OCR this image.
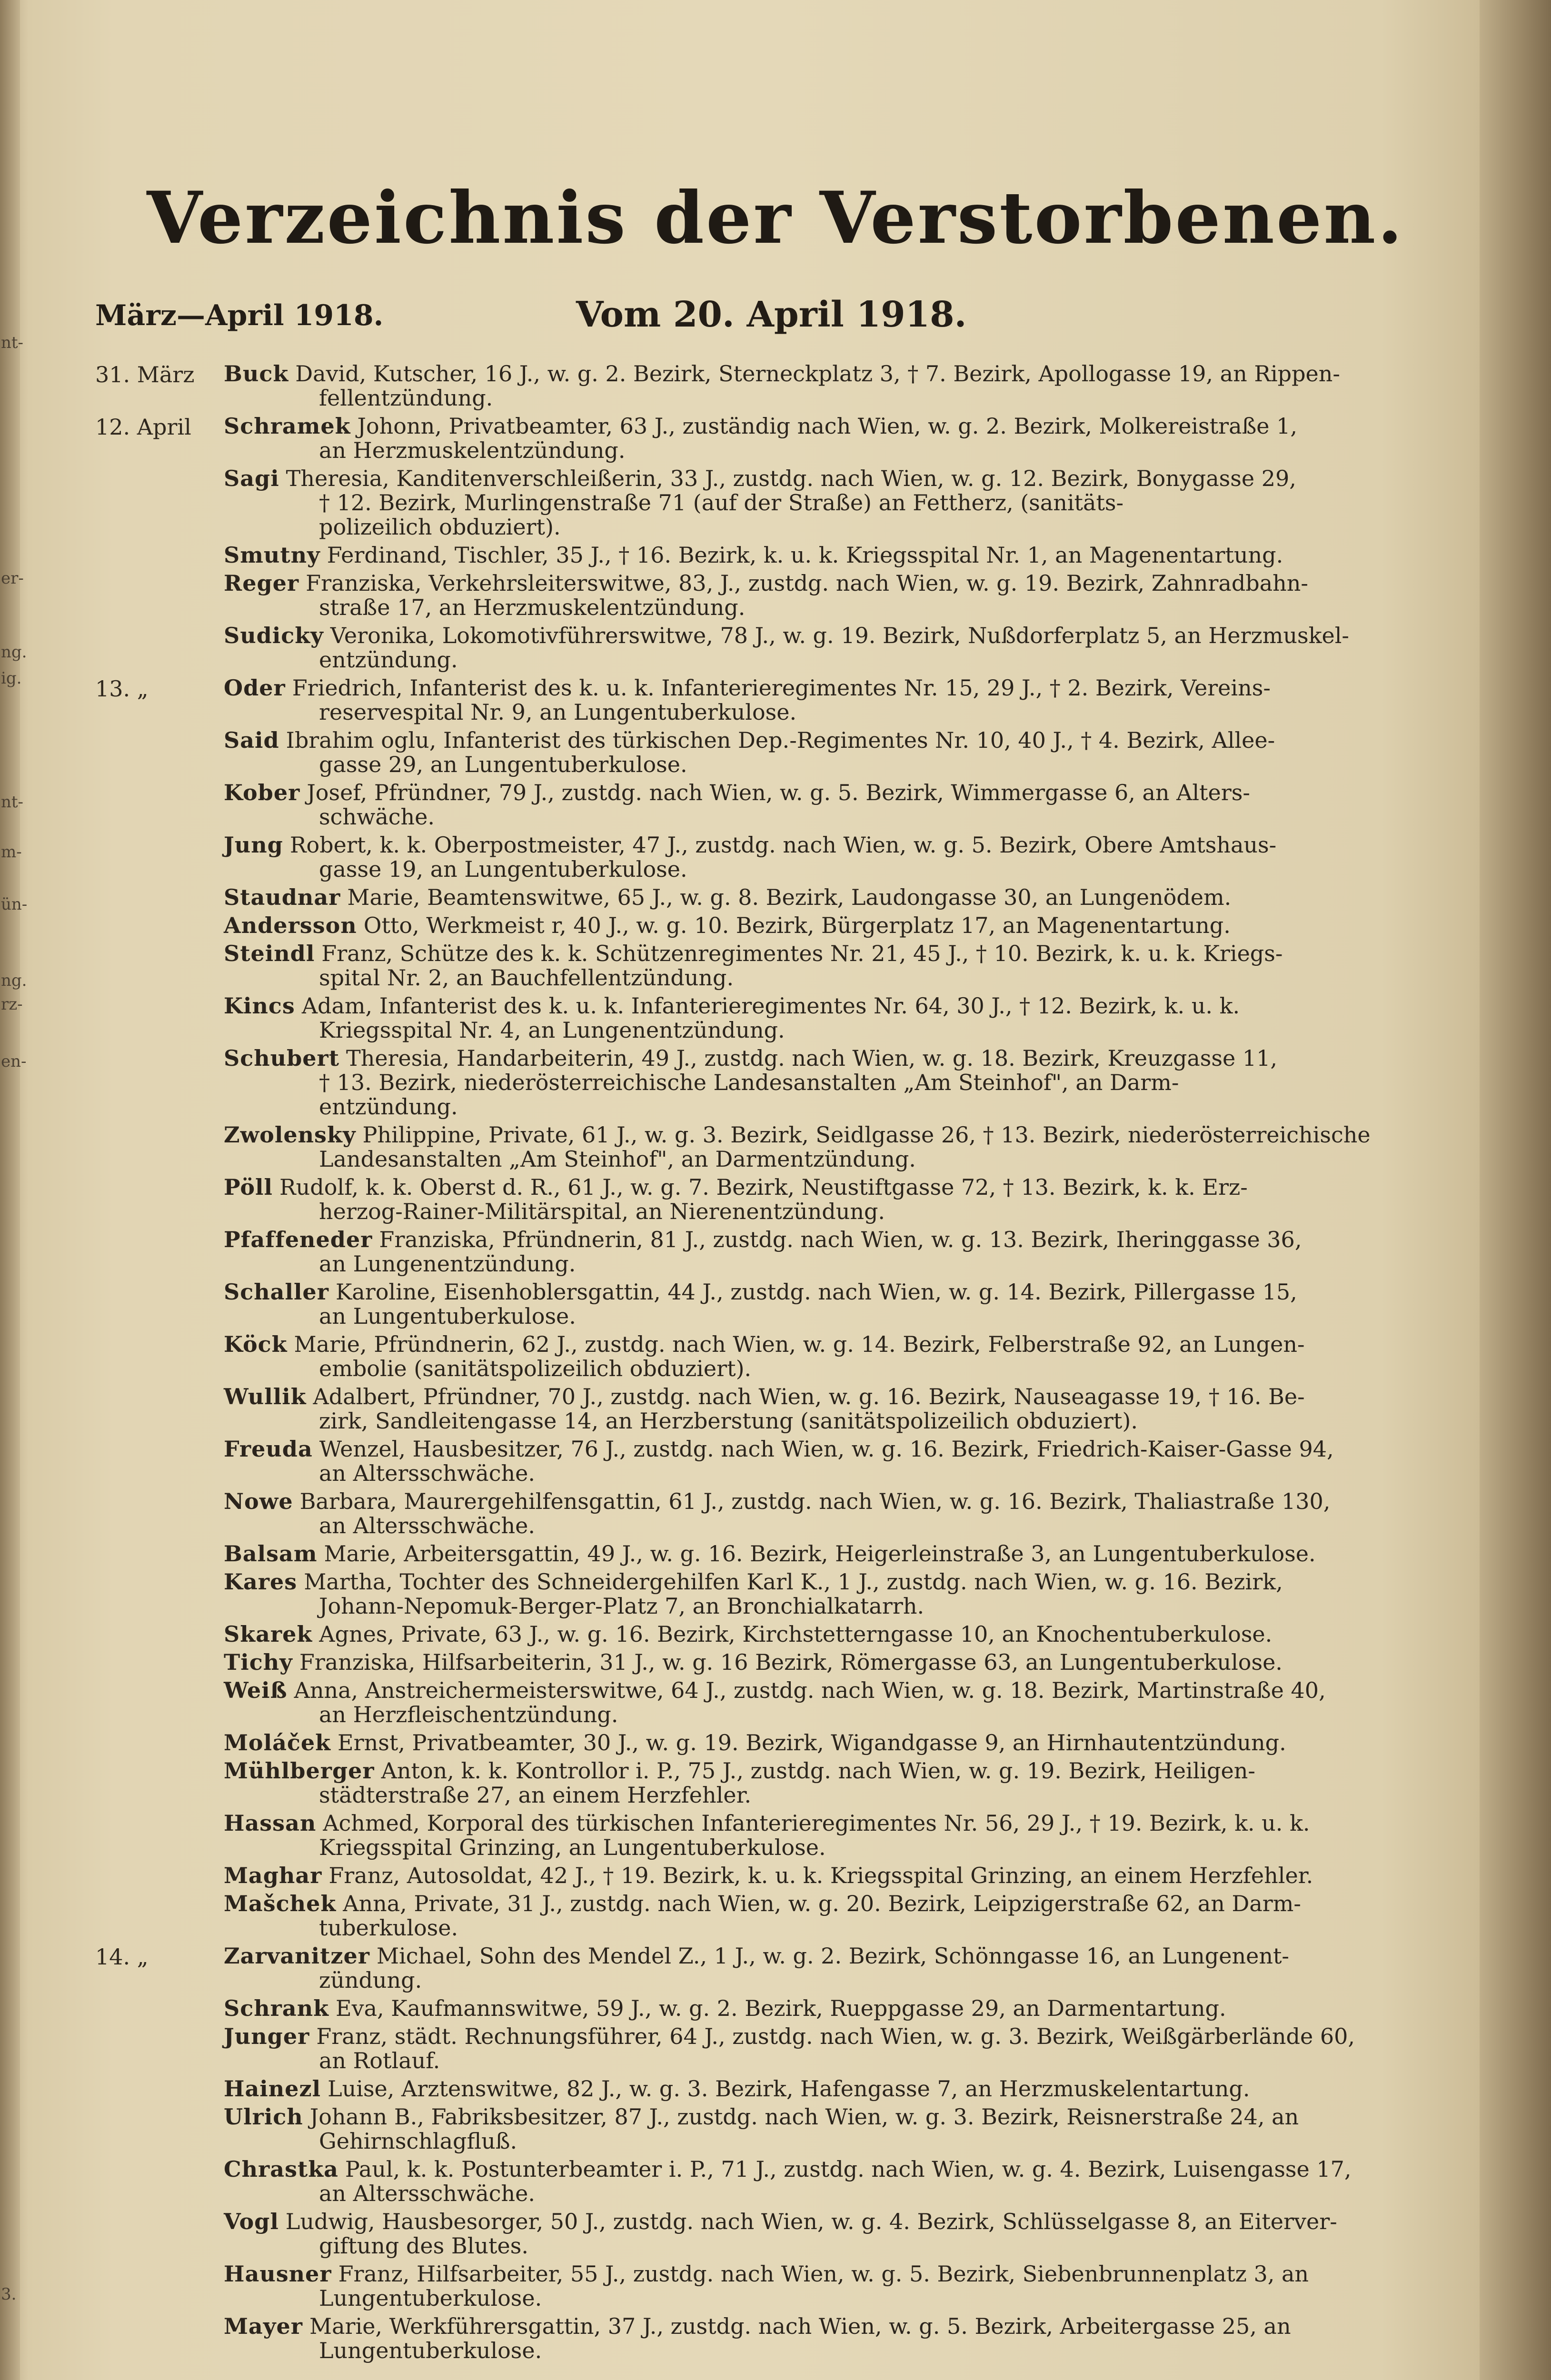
nt-
er-
ng.
ig.
nt-
m-
ün-
ng.
rz-
en-
3.
Verzeichnis der Verstorbenen.
März—April 1918.	Vom 20. April 1918.
31. März Buck David, Kutscher, 16 J., w. g. 2. Bezirk, Sterneckplatz 3, † 7. Bezirk, Apollogasse 19, an Rippen-
fellentzündung.
12. April Schramek Johonn, Privatbeamter, 63 J., zuständig nach Wien, w. g. 2. Bezirk, Molkereistraße 1,
an Herzmuskelentzündung.
Sagi Theresia, Kanditenverschleißerin, 33 J., zustdg. nach Wien, w. g. 12. Bezirk, Bonygasse 29,
† 12. Bezirk, Murlingenstraße 71 (auf der Straße) an Fettherz, (sanitäts-
polizeilich obduziert).
Smutny Ferdinand, Tischler, 35 J., † 16. Bezirk, k. u. k. Kriegsspital Nr. 1, an Magenentartung.
Reger Franziska, Verkehrsleiterswitwe, 83, J., zustdg. nach Wien, w. g. 19. Bezirk, Zahnradbahn-
straße 17, an Herzmuskelentzündung.
Sudicky Veronika, Lokomotivführerswitwe, 78 J., w. g. 19. Bezirk, Nußdorferplatz 5, an Herzmuskel-
entzündung.
13. „	Oder Friedrich, Infanterist des k. u. k. Infanterieregimentes Nr. 15, 29 J., † 2. Bezirk, Vereins-
reservespital Nr. 9, an Lungentuberkulose.
Said Ibrahim oglu, Infanterist des türkischen Dep.-Regimentes Nr. 10, 40 J., † 4. Bezirk, Allee-
gasse 29, an Lungentuberkulose.
Kober Josef, Pfründner, 79 J., zustdg. nach Wien, w. g. 5. Bezirk, Wimmergasse 6, an Alters-
schwäche.
Jung Robert, k. k. Oberpostmeister, 47 J., zustdg. nach Wien, w. g. 5. Bezirk, Obere Amtshaus-
gasse 19, an Lungentuberkulose.
Staudnar Marie, Beamtenswitwe, 65 J., w. g. 8. Bezirk, Laudongasse 30, an Lungenödem.
Andersson Otto, Werkmeist r, 40 J., w. g. 10. Bezirk, Bürgerplatz 17, an Magenentartung.
Steindl Franz, Schütze des k. k. Schützenregimentes Nr. 21, 45 J., † 10. Bezirk, k. u. k. Kriegs-
spital Nr. 2, an Bauchfellentzündung.
Kincs Adam, Infanterist des k. u. k. Infanterieregimentes Nr. 64, 30 J., † 12. Bezirk, k. u. k.
Kriegsspital Nr. 4, an Lungenentzündung.
Schubert Theresia, Handarbeiterin, 49 J., zustdg. nach Wien, w. g. 18. Bezirk, Kreuzgasse 11,
† 13. Bezirk, niederösterreichische Landesanstalten „Am Steinhof", an Darm-
entzündung.
Zwolensky Philippine, Private, 61 J., w. g. 3. Bezirk, Seidlgasse 26, † 13. Bezirk, niederösterreichische
Landesanstalten „Am Steinhof", an Darmentzündung.
Pöll Rudolf, k. k. Oberst d. R., 61 J., w. g. 7. Bezirk, Neustiftgasse 72, † 13. Bezirk, k. k. Erz-
herzog-Rainer-Militärspital, an Nierenentzündung.
Pfaffeneder Franziska, Pfründnerin, 81 J., zustdg. nach Wien, w. g. 13. Bezirk, Iheringgasse 36,
an Lungenentzündung.
Schaller Karoline, Eisenhoblersgattin, 44 J., zustdg. nach Wien, w. g. 14. Bezirk, Pillergasse 15,
an Lungentuberkulose.
Köck Marie, Pfründnerin, 62 J., zustdg. nach Wien, w. g. 14. Bezirk, Felberstraße 92, an Lungen-
embolie (sanitätspolizeilich obduziert).
Wullik Adalbert, Pfründner, 70 J., zustdg. nach Wien, w. g. 16. Bezirk, Nauseagasse 19, † 16. Be-
zirk, Sandleitengasse 14, an Herzberstung (sanitätspolizeilich obduziert).
Freuda Wenzel, Hausbesitzer, 76 J., zustdg. nach Wien, w. g. 16. Bezirk, Friedrich-Kaiser-Gasse 94,
an Altersschwäche.
Nowe Barbara, Maurergehilfensgattin, 61 J., zustdg. nach Wien, w. g. 16. Bezirk, Thaliastraße 130,
an Altersschwäche.
Balsam Marie, Arbeitersgattin, 49 J., w. g. 16. Bezirk, Heigerleinstraße 3, an Lungentuberkulose.
Kares Martha, Tochter des Schneidergehilfen Karl K., 1 J., zustdg. nach Wien, w. g. 16. Bezirk,
Johann-Nepomuk-Berger-Platz 7, an Bronchialkatarrh.
Skarek Agnes, Private, 63 J., w. g. 16. Bezirk, Kirchstetterngasse 10, an Knochentuberkulose.
Tichy Franziska, Hilfsarbeiterin, 31 J., w. g. 16 Bezirk, Römergasse 63, an Lungentuberkulose.
Weiß Anna, Anstreichermeisterswitwe, 64 J., zustdg. nach Wien, w. g. 18. Bezirk, Martinstraße 40,
an Herzfleischentzündung.
Moláček Ernst, Privatbeamter, 30 J., w. g. 19. Bezirk, Wigandgasse 9, an Hirnhautentzündung.
Mühlberger Anton, k. k. Kontrollor i. P., 75 J., zustdg. nach Wien, w. g. 19. Bezirk, Heiligen-
städterstraße 27, an einem Herzfehler.
Hassan Achmed, Korporal des türkischen Infanterieregimentes Nr. 56, 29 J., † 19. Bezirk, k. u. k.
Kriegsspital Grinzing, an Lungentuberkulose.
Maghar Franz, Autosoldat, 42 J., † 19. Bezirk, k. u. k. Kriegsspital Grinzing, an einem Herzfehler.
Mašchek Anna, Private, 31 J., zustdg. nach Wien, w. g. 20. Bezirk, Leipzigerstraße 62, an Darm-
tuberkulose.
14. „	Zarvanitzer Michael, Sohn des Mendel Z., 1 J., w. g. 2. Bezirk, Schönngasse 16, an Lungenent-
zündung.
Schrank Eva, Kaufmannswitwe, 59 J., w. g. 2. Bezirk, Rueppgasse 29, an Darmentartung.
Junger Franz, städt. Rechnungsführer, 64 J., zustdg. nach Wien, w. g. 3. Bezirk, Weißgärberlände 60,
an Rotlauf.
Hainezl Luise, Arztenswitwe, 82 J., w. g. 3. Bezirk, Hafengasse 7, an Herzmuskelentartung.
Ulrich Johann B., Fabriksbesitzer, 87 J., zustdg. nach Wien, w. g. 3. Bezirk, Reisnerstraße 24, an
Gehirnschlagfluß.
Chrastka Paul, k. k. Postunterbeamter i. P., 71 J., zustdg. nach Wien, w. g. 4. Bezirk, Luisengasse 17,
an Altersschwäche.
Vogl Ludwig, Hausbesorger, 50 J., zustdg. nach Wien, w. g. 4. Bezirk, Schlüsselgasse 8, an Eiterver-
giftung des Blutes.
Hausner Franz, Hilfsarbeiter, 55 J., zustdg. nach Wien, w. g. 5. Bezirk, Siebenbrunnenplatz 3, an
Lungentuberkulose.
Mayer Marie, Werkführersgattin, 37 J., zustdg. nach Wien, w. g. 5. Bezirk, Arbeitergasse 25, an
Lungentuberkulose.
